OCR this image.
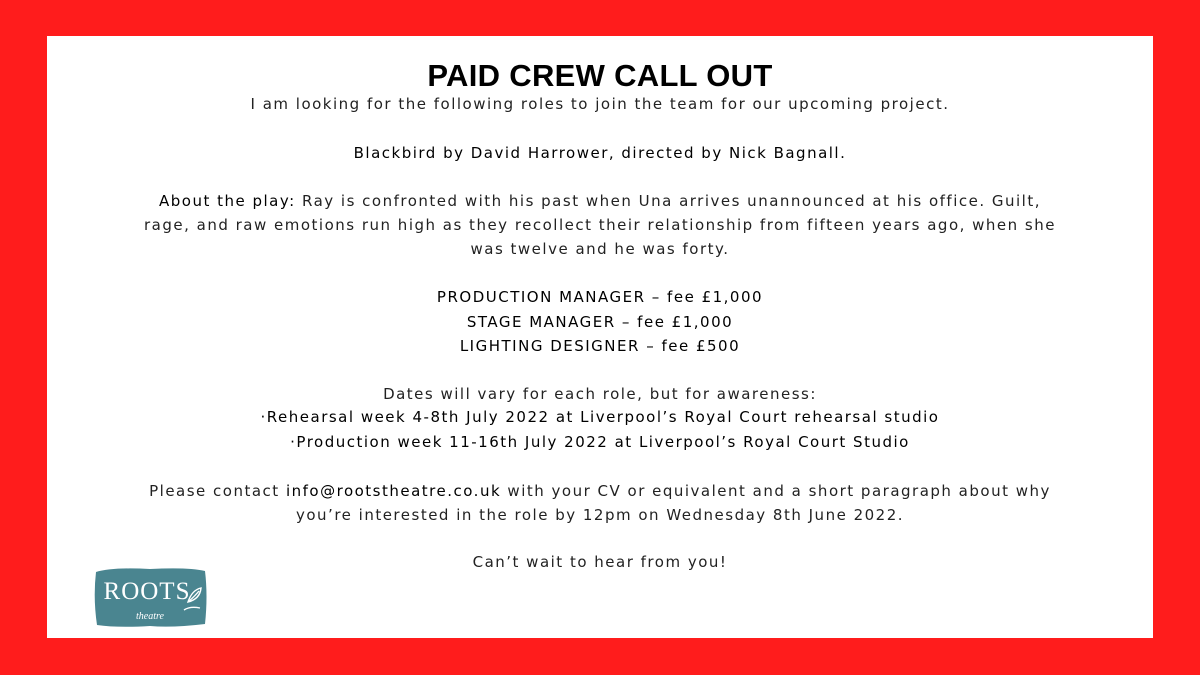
PAID CREW CALL OUT
I am looking for the following roles to join the team for our upcoming project.
Blackbird by David Harrower, directed by Nick Bagnall.
About the play: Ray is confronted with his past when Una arrives unannounced at his office. Guilt,
rage, and raw emotions run high as they recollect their relationship from fifteen years ago, when she
was twelve and he was forty.
PRODUCTION MANAGER – fee £1,000
STAGE MANAGER – fee £1,000
LIGHTING DESIGNER – fee £500
Dates will vary for each role, but for awareness:
·Rehearsal week 4-8th July 2022 at Liverpool’s Royal Court rehearsal studio
·Production week 11-16th July 2022 at Liverpool’s Royal Court Studio
Please contact info@rootstheatre.co.uk with your CV or equivalent and a short paragraph about why
you’re interested in the role by 12pm on Wednesday 8th June 2022.
Can’t wait to hear from you!
ROOTS
theatre
